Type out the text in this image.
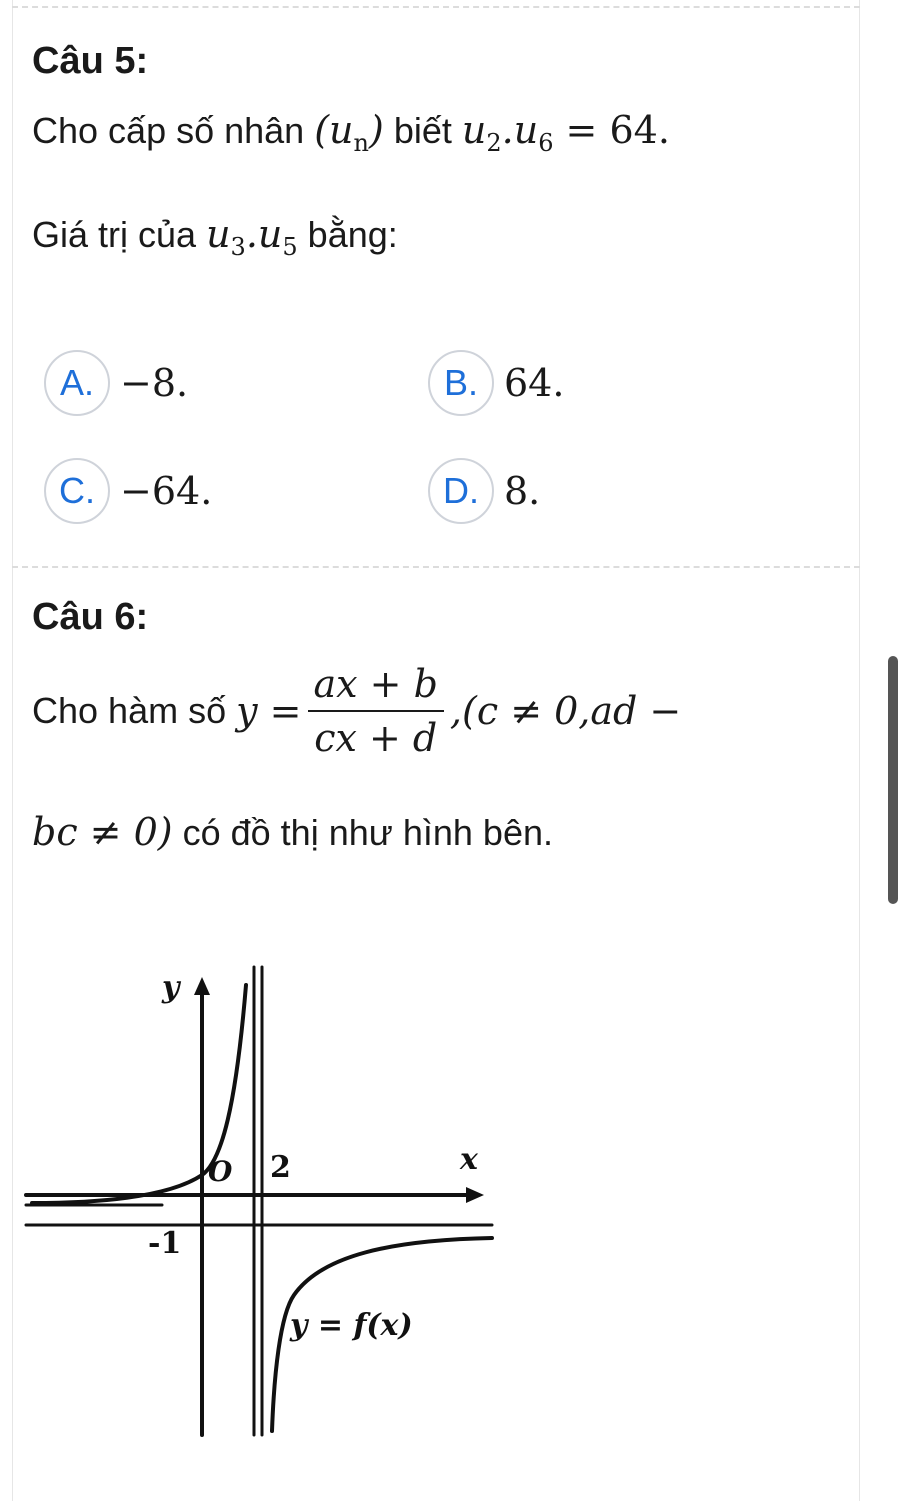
Câu 5:
Cho cấp số nhân $(u_n)$ biết $u_2.u_6 = 64$.
Giá trị của $u_3.u_5$ bằng:
A. −8.	B. 64.
C. −64.	D. 8.
Câu 6:
Cho hàm số $y = \frac{ax + b}{cx + d} ,(c \ne 0,ad$ −
bc ≠ 0) có đồ thị như hình bên.
y
x
O 2
-1
y = f(x)
